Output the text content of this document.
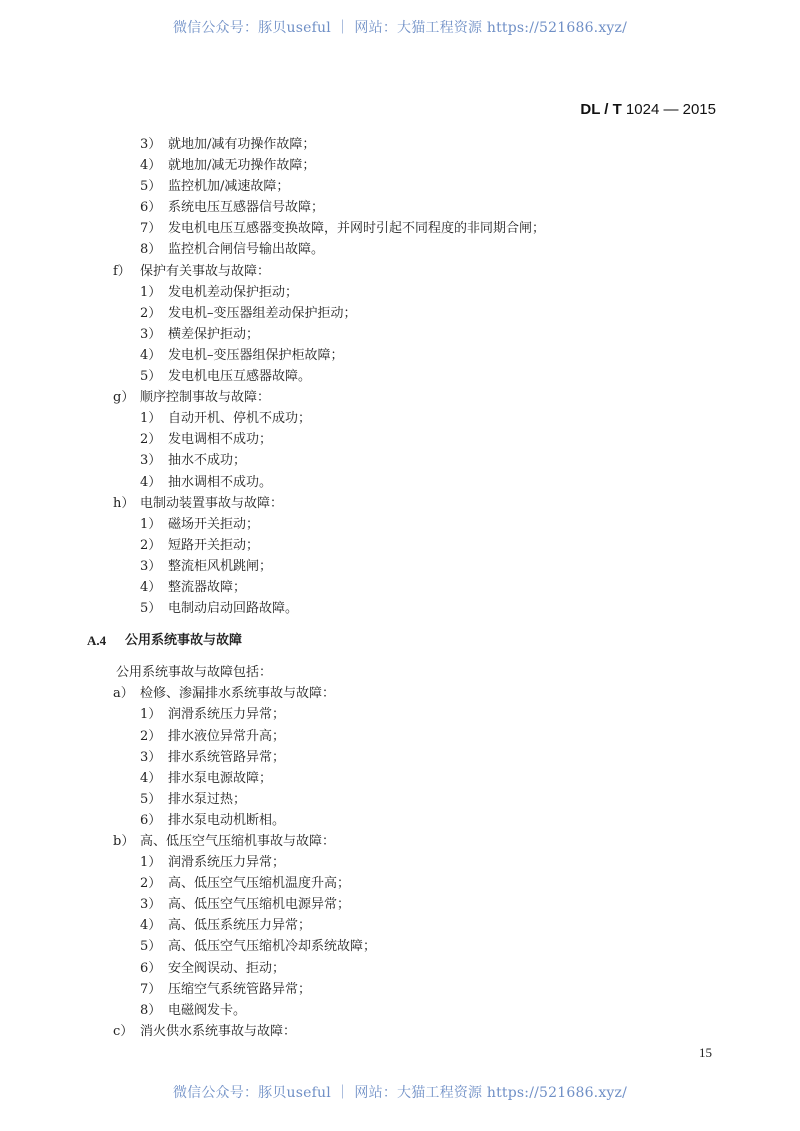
微信公众号：豚贝useful ｜ 网站：大猫工程资源 https://521686.xyz/
DL / T 1024 — 2015
3） 就地加/减有功操作故障；
4） 就地加/减无功操作故障；
5） 监控机加/减速故障；
6） 系统电压互感器信号故障；
7） 发电机电压互感器变换故障，并网时引起不同程度的非同期合闸；
8） 监控机合闸信号输出故障。
f） 保护有关事故与故障：
1） 发电机差动保护拒动；
2） 发电机–变压器组差动保护拒动；
3） 横差保护拒动；
4） 发电机–变压器组保护柜故障；
5） 发电机电压互感器故障。
g） 顺序控制事故与故障：
1） 自动开机、停机不成功；
2） 发电调相不成功；
3） 抽水不成功；
4） 抽水调相不成功。
h） 电制动装置事故与故障：
1） 磁场开关拒动；
2） 短路开关拒动；
3） 整流柜风机跳闸；
4） 整流器故障；
5） 电制动启动回路故障。
A.4 公用系统事故与故障
公用系统事故与故障包括：
a） 检修、渗漏排水系统事故与故障：
1） 润滑系统压力异常；
2） 排水液位异常升高；
3） 排水系统管路异常；
4） 排水泵电源故障；
5） 排水泵过热；
6） 排水泵电动机断相。
b） 高、低压空气压缩机事故与故障：
1） 润滑系统压力异常；
2） 高、低压空气压缩机温度升高；
3） 高、低压空气压缩机电源异常；
4） 高、低压系统压力异常；
5） 高、低压空气压缩机冷却系统故障；
6） 安全阀误动、拒动；
7） 压缩空气系统管路异常；
8） 电磁阀发卡。
c） 消火供水系统事故与故障：
15
微信公众号：豚贝useful ｜ 网站：大猫工程资源 https://521686.xyz/
